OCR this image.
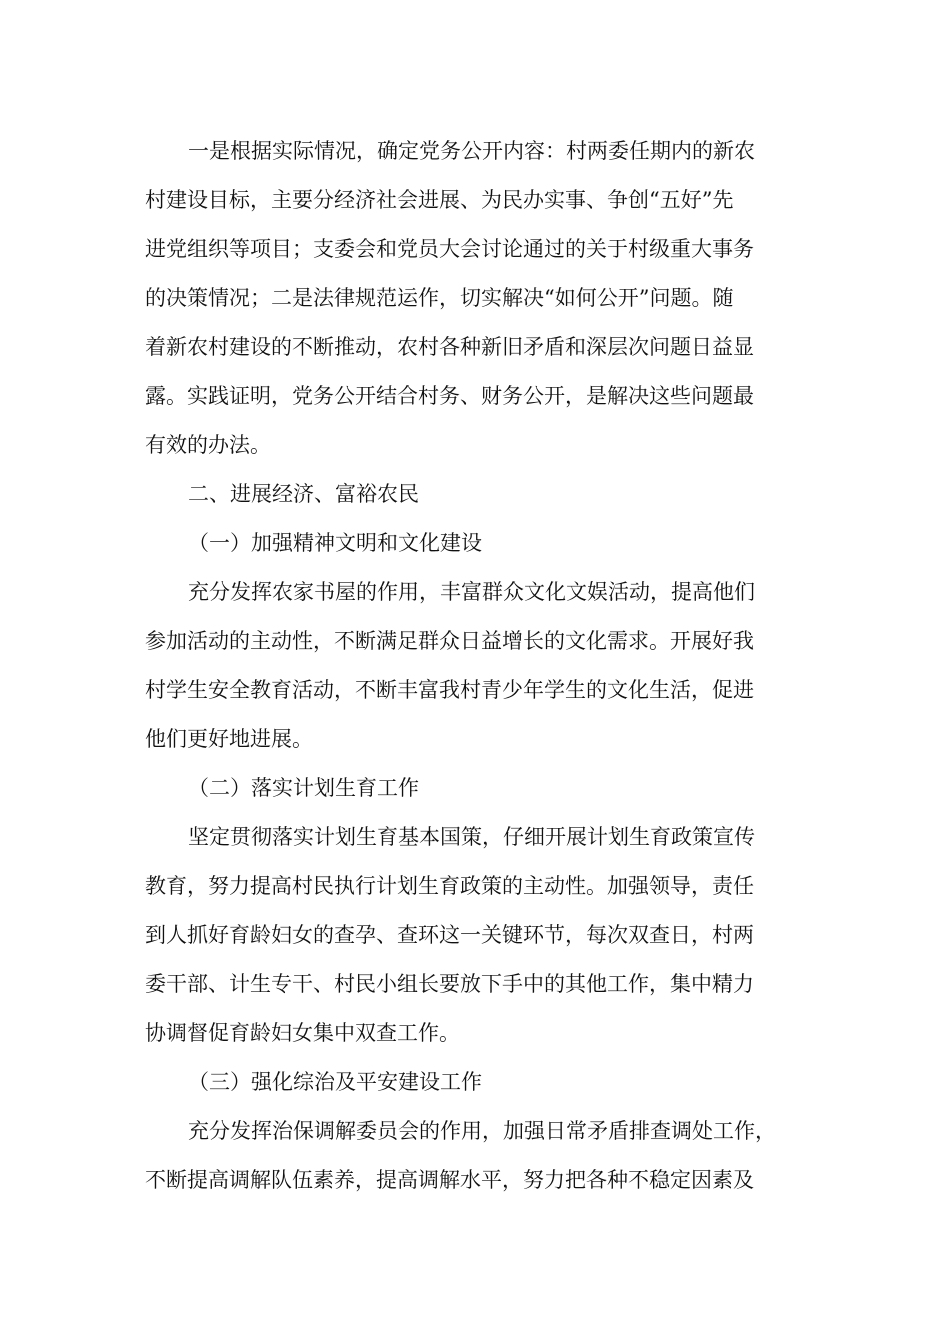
一是根据实际情况，确定党务公开内容：村两委任期内的新农
村建设目标，主要分经济社会进展、为民办实事、争创“五好”先
进党组织等项目；支委会和党员大会讨论通过的关于村级重大事务
的决策情况；二是法律规范运作，切实解决“如何公开”问题。随
着新农村建设的不断推动，农村各种新旧矛盾和深层次问题日益显
露。实践证明，党务公开结合村务、财务公开，是解决这些问题最
有效的办法。
二、进展经济、富裕农民
（一）加强精神文明和文化建设
充分发挥农家书屋的作用，丰富群众文化文娱活动，提高他们
参加活动的主动性，不断满足群众日益增长的文化需求。开展好我
村学生安全教育活动，不断丰富我村青少年学生的文化生活，促进
他们更好地进展。
（二）落实计划生育工作
坚定贯彻落实计划生育基本国策，仔细开展计划生育政策宣传
教育，努力提高村民执行计划生育政策的主动性。加强领导，责任
到人抓好育龄妇女的查孕、查环这一关键环节，每次双查日，村两
委干部、计生专干、村民小组长要放下手中的其他工作，集中精力
协调督促育龄妇女集中双查工作。
（三）强化综治及平安建设工作
充分发挥治保调解委员会的作用，加强日常矛盾排查调处工作，
不断提高调解队伍素养，提高调解水平，努力把各种不稳定因素及
